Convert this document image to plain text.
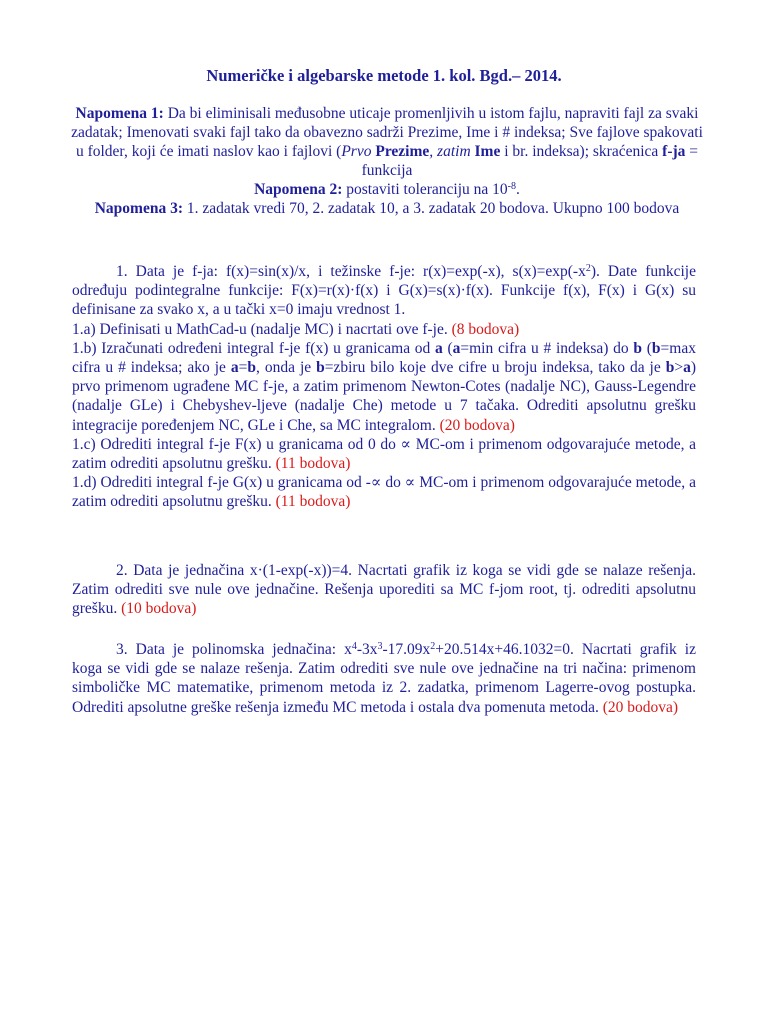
Numeričke i algebarske metode 1. kol. Bgd.– 2014.

Napomena 1: Da bi eliminisali međusobne uticaje promenljivih u istom fajlu, napraviti fajl za svaki zadatak; Imenovati svaki fajl tako da obavezno sadrži Prezime, Ime i # indeksa; Sve fajlove spakovati u folder, koji će imati naslov kao i fajlovi (Prvo Prezime, zatim Ime i br. indeksa); skraćenica f-ja = funkcija

Napomena 2: postaviti toleranciju na $10^{-8}$.

Napomena 3: 1. zadatak vredi 70, 2. zadatak 10, a 3. zadatak 20 bodova. Ukupno 100 bodova

1. Data je f-ja: f(x)=sin(x)/x, i težinske f-je: r(x)=exp(-x), $s(x)=\exp(-x^2)$. Date funkcije određuju podintegralne funkcije: F(x)=r(x)·f(x) i G(x)=s(x)·f(x). Funkcije f(x), F(x) i G(x) su definisane za svako x, a u tački x=0 imaju vrednost 1.

1.a) Definisati u MathCad-u (nadalje MC) i nacrtati ove f-je. (8 bodova)

1.b) Izračunati određeni integral f-je f(x) u granicama od a (a=min cifra u # indeksa) do b (b=max cifra u # indeksa; ako je a=b, onda je b=zbiru bilo koje dve cifre u broju indeksa, tako da je b>a) prvo primenom ugrađene MC f-je, a zatim primenom Newton-Cotes (nadalje NC), Gauss-Legendre (nadalje GLe) i Chebyshev-ljeve (nadalje Che) metode u 7 tačaka. Odrediti apsolutnu grešku integracije poređenjem NC, GLe i Che, sa MC integralom. (20 bodova)

1.c) Odrediti integral f-je F(x) u granicama od 0 do ∝ MC-om i primenom odgovarajuće metode, a zatim odrediti apsolutnu grešku. (11 bodova)

1.d) Odrediti integral f-je G(x) u granicama od -∝ do ∝ MC-om i primenom odgovarajuće metode, a zatim odrediti apsolutnu grešku. (11 bodova)

2. Data je jednačina x·(1-exp(-x))=4. Nacrtati grafik iz koga se vidi gde se nalaze rešenja. Zatim odrediti sve nule ove jednačine. Rešenja uporediti sa MC f-jom root, tj. odrediti apsolutnu grešku. (10 bodova)

3. Data je polinomska jednačina: $x^4-3x^3-17.09x^2+20.514x+46.1032=0$. Nacrtati grafik iz koga se vidi gde se nalaze rešenja. Zatim odrediti sve nule ove jednačine na tri načina: primenom simboličke MC matematike, primenom metoda iz 2. zadatka, primenom Lagerre-ovog postupka. Odrediti apsolutne greške rešenja između MC metoda i ostala dva pomenuta metoda. (20 bodova)
